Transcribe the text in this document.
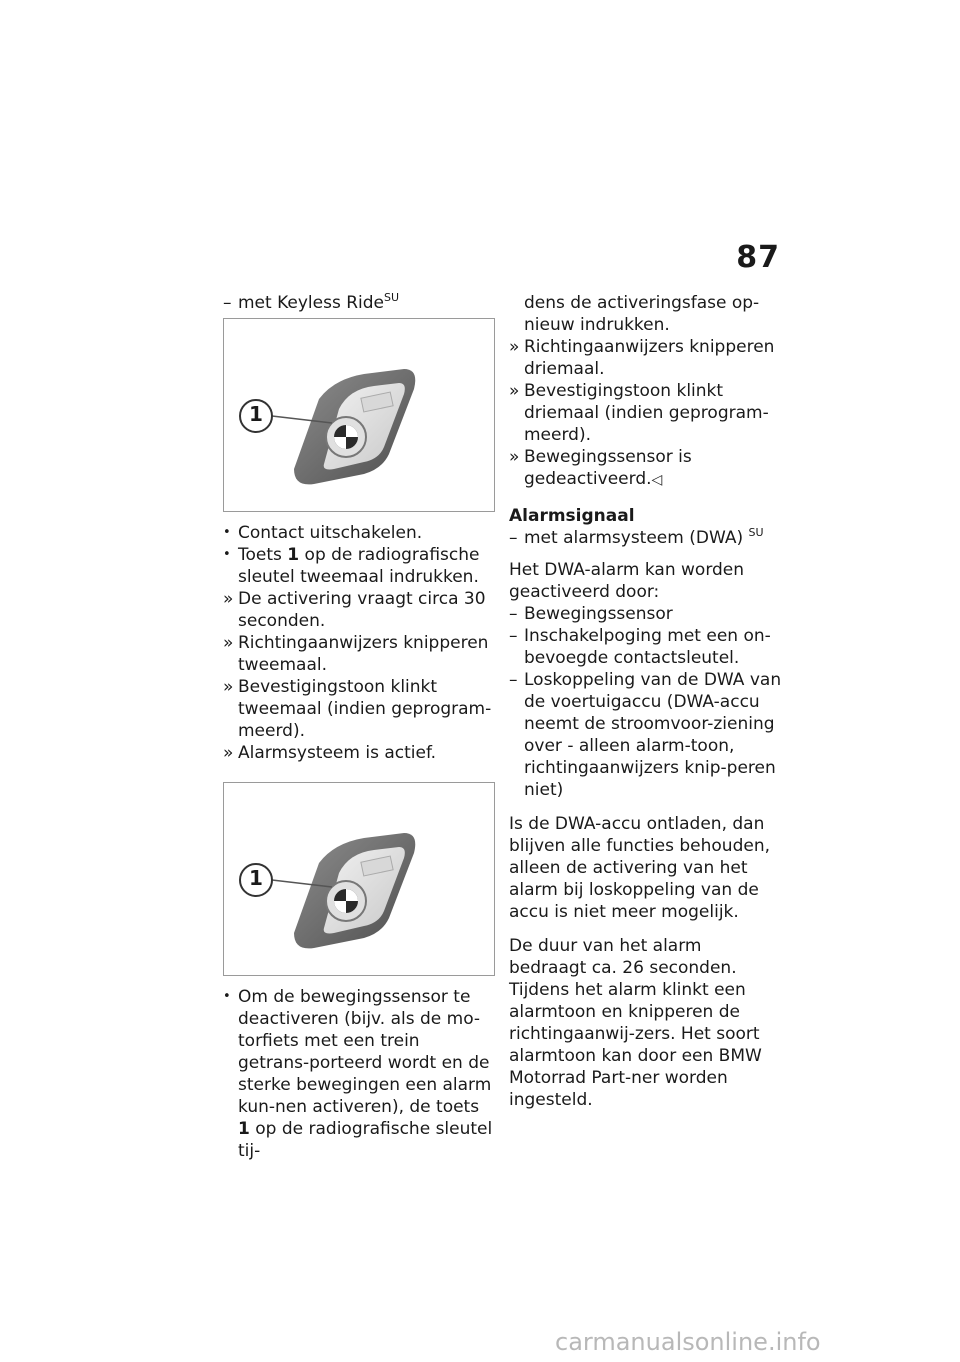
87

– met Keyless Ride$^{SU}$

1

• Contact uitschakelen.

• Toets 1 op de radiografische sleutel tweemaal indrukken.

» De activering vraagt circa 30 seconden.

» Richtingaanwijzers knipperen tweemaal.

» Bevestigingstoon klinkt tweemaal (indien geprogram-meerd).

» Alarmsysteem is actief.

1

• Om de bewegingssensor te deactiveren (bijv. als de mo-torfiets met een trein getrans-porteerd wordt en de sterke bewegingen een alarm kun-nen activeren), de toets 1 op de radiografische sleutel tij-

dens de activeringsfase op-nieuw indrukken.

» Richtingaanwijzers knipperen driemaal.

» Bevestigingstoon klinkt driemaal (indien geprogram-meerd).

» Bewegingssensor is gedeactiveerd.◁

Alarmsignaal

– met alarmsysteem (DWA) $^{SU}$

Het DWA-alarm kan worden geactiveerd door:

– Bewegingssensor

– Inschakelpoging met een on-bevoegde contactsleutel.

– Loskoppeling van de DWA van de voertuigaccu (DWA-accu neemt de stroomvoor-ziening over - alleen alarm-toon, richtingaanwijzers knip-peren niet)

Is de DWA-accu ontladen, dan blijven alle functies behouden, alleen de activering van het alarm bij loskoppeling van de accu is niet meer mogelijk.

De duur van het alarm bedraagt ca. 26 seconden. Tijdens het alarm klinkt een alarmtoon en knipperen de richtingaanwij-zers. Het soort alarmtoon kan door een BMW Motorrad Part-ner worden ingesteld.

carmanualsonline.info
